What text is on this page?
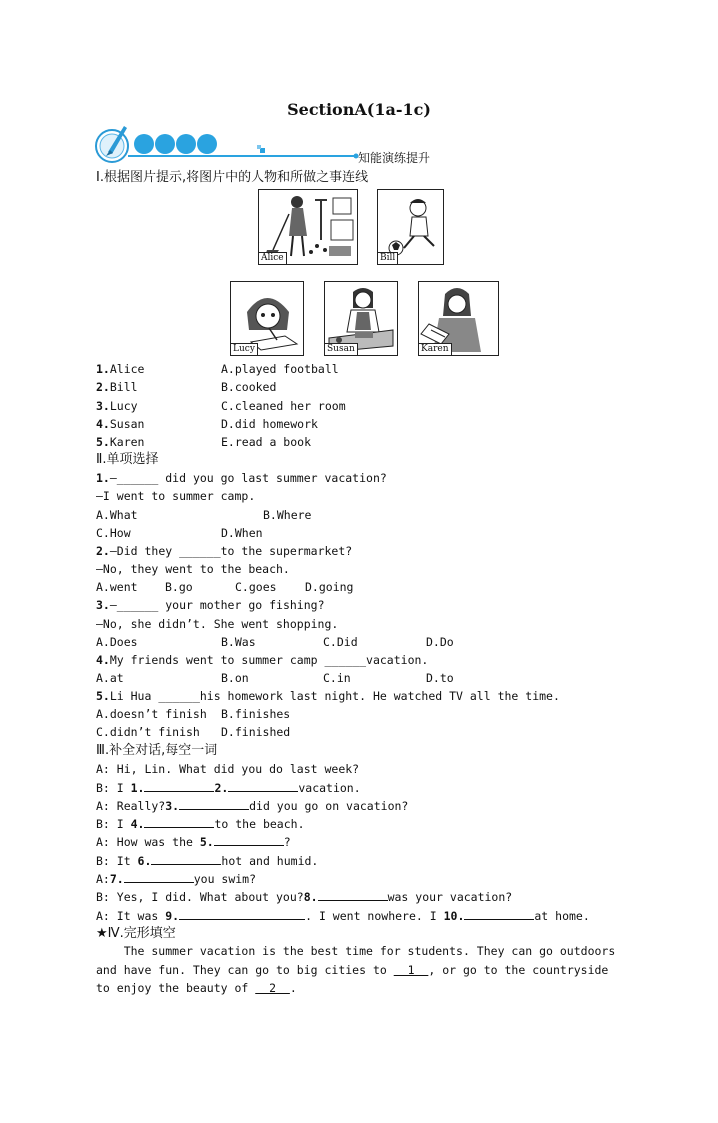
SectionA(1a-1c)
知能演练提升
Ⅰ.根据图片提示,将图片中的人物和所做之事连线
Alice	Bill
Lucy	Susan	Karen
1.Alice	A.played football
2.Bill	B.cooked
3.Lucy	C.cleaned her room
4.Susan	D.did homework
5.Karen	E.read a book
Ⅱ.单项选择
1.—______ did you go last summer vacation?
—I went to summer camp.
A.What	B.Where
C.How	D.When
2.—Did they ______to the supermarket?
—No, they went to the beach.
A.went B.go	C.goes D.going
3.—______ your mother go fishing?
—No, she didn’t. She went shopping.
A.Does	B.Was	C.Did	D.Do
4.My friends went to summer camp ______vacation.
A.at	B.on	C.in	D.to
5.Li Hua ______his homework last night. He watched TV all the time.
A.doesn’t finish B.finishes
C.didn’t finish D.finished
Ⅲ.补全对话,每空一词
A: Hi, Lin. What did you do last week?
B: I 1.	2.	vacation.
A: Really?3.	did you go on vacation?
B: I 4.	to the beach.
A: How was the 5.	?
B: It 6.	hot and humid.
A:7.	you swim?
B: Yes, I did. What about you?8.	was your vacation?
A: It was 9.	. I went nowhere. I 10.	at home.
★Ⅳ.完形填空
The summer vacation is the best time for students. They can go outdoors
and have fun. They can go to big cities to   1  , or go to the countryside
to enjoy the beauty of   2  .
